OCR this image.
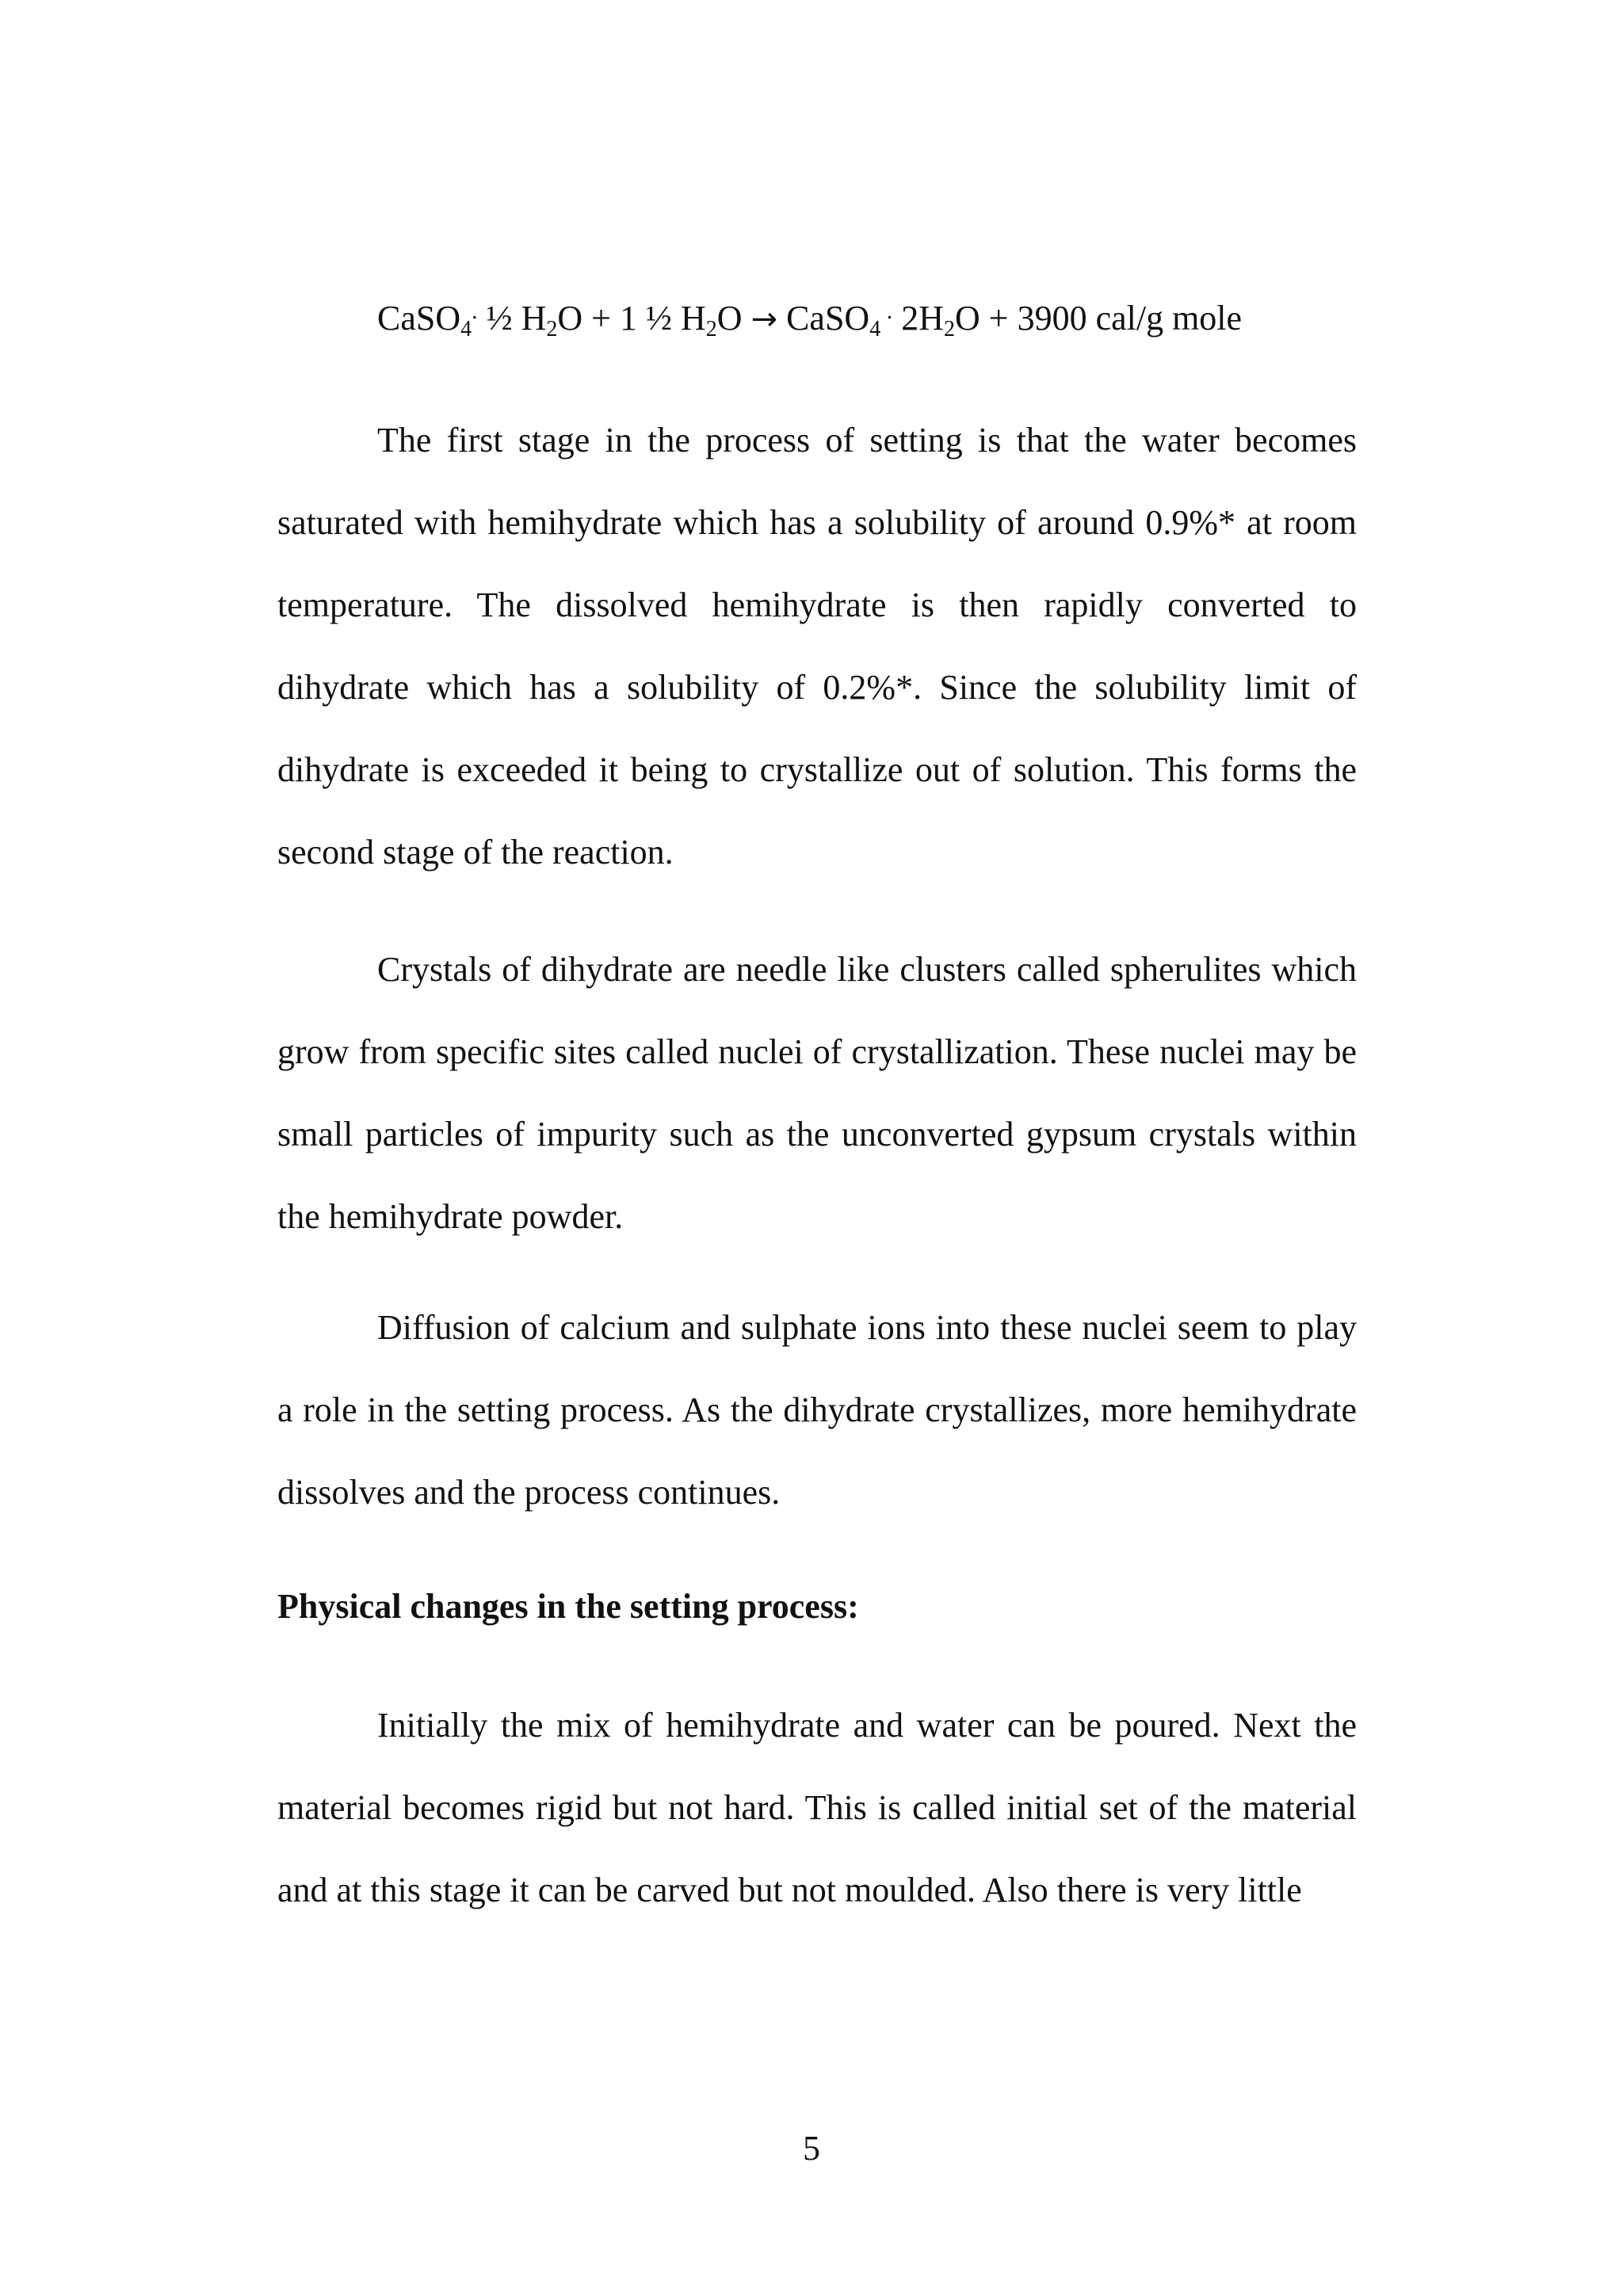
CaSO$_4$. ½ $H_2O + 1$ ½ $H_2O$ → CaSO$_4$ . $2H_2O + 3900$ cal/g mole

The first stage in the process of setting is that the water becomes saturated with hemihydrate which has a solubility of around 0.9%* at room temperature. The dissolved hemihydrate is then rapidly converted to dihydrate which has a solubility of 0.2%*. Since the solubility limit of dihydrate is exceeded it being to crystallize out of solution. This forms the second stage of the reaction.

Crystals of dihydrate are needle like clusters called spherulites which grow from specific sites called nuclei of crystallization. These nuclei may be small particles of impurity such as the unconverted gypsum crystals within the hemihydrate powder.

Diffusion of calcium and sulphate ions into these nuclei seem to play a role in the setting process. As the dihydrate crystallizes, more hemihydrate dissolves and the process continues.

Physical changes in the setting process:

Initially the mix of hemihydrate and water can be poured. Next the material becomes rigid but not hard. This is called initial set of the material and at this stage it can be carved but not moulded. Also there is very little

5
